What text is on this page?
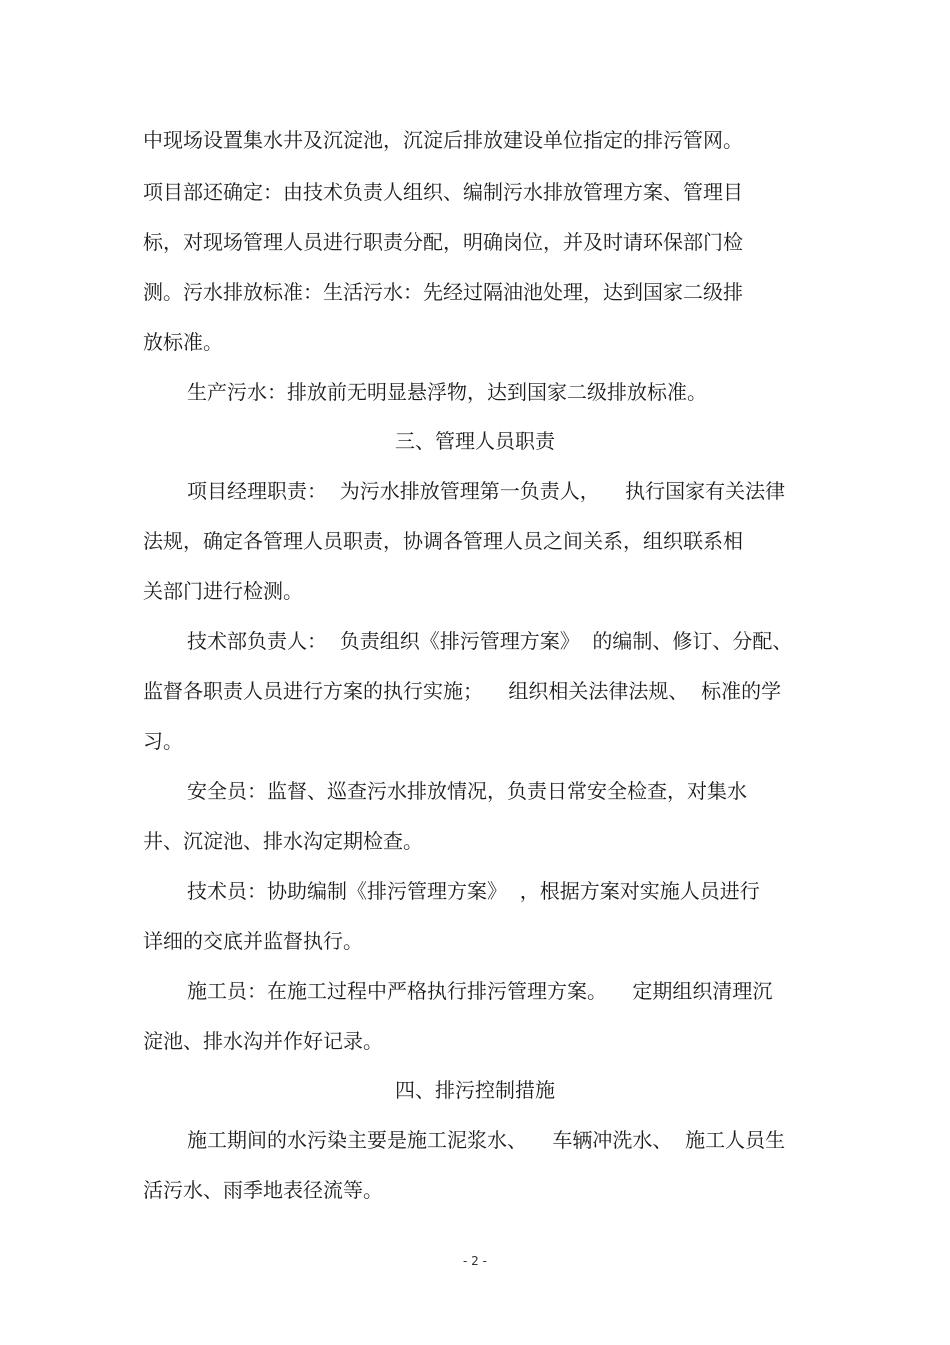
中现场设置集水井及沉淀池，沉淀后排放建设单位指定的排污管网。

项目部还确定：由技术负责人组织、编制污水排放管理方案、管理目

标，对现场管理人员进行职责分配，明确岗位，并及时请环保部门检

测。污水排放标准：生活污水：先经过隔油池处理，达到国家二级排

放标准。

生产污水：排放前无明显悬浮物，达到国家二级排放标准。

三、管理人员职责

项目经理职责：  为污水排放管理第一负责人，    执行国家有关法律

法规，确定各管理人员职责，协调各管理人员之间关系，组织联系相

关部门进行检测。

技术部负责人：  负责组织《排污管理方案》  的编制、修订、分配、

监督各职责人员进行方案的执行实施；    组织相关法律法规、  标准的学

习。

安全员：监督、巡查污水排放情况，负责日常安全检查，对集水

井、沉淀池、排水沟定期检查。

技术员：协助编制《排污管理方案》  ，根据方案对实施人员进行

详细的交底并监督执行。

施工员：在施工过程中严格执行排污管理方案。    定期组织清理沉

淀池、排水沟并作好记录。

四、排污控制措施

施工期间的水污染主要是施工泥浆水、    车辆冲洗水、  施工人员生

活污水、雨季地表径流等。

- 2 -
